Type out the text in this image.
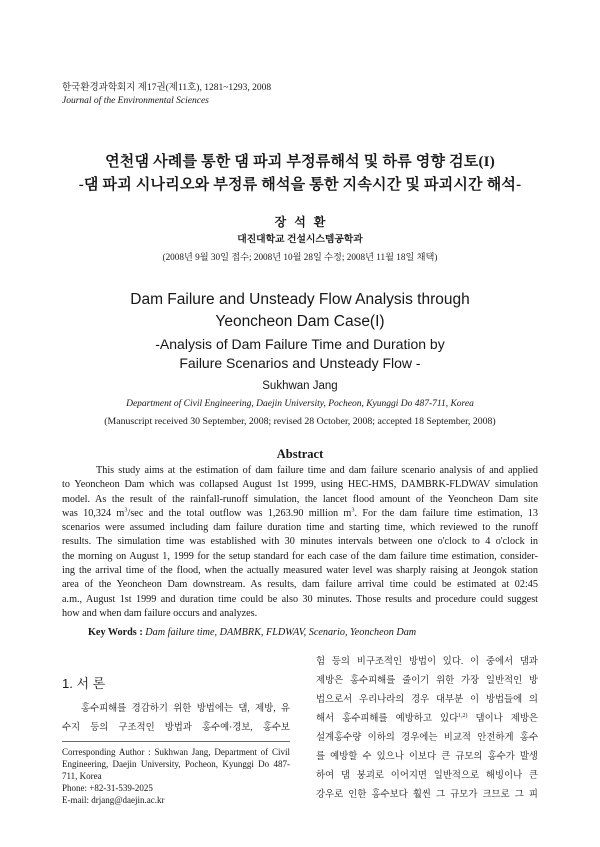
한국환경과학회지 제17권(제11호), 1281~1293, 2008
Journal of the Environmental Sciences
연천댐 사례를 통한 댐 파괴 부정류해석 및 하류 영향 검토(I)
-댐 파괴 시나리오와 부정류 해석을 통한 지속시간 및 파괴시간 해석-
장 석 환
대진대학교 건설시스템공학과
(2008년 9월 30일 접수; 2008년 10월 28일 수정; 2008년 11월 18일 채택)
Dam Failure and Unsteady Flow Analysis through
Yeoncheon Dam Case(I)
-Analysis of Dam Failure Time and Duration by
Failure Scenarios and Unsteady Flow -
Sukhwan Jang
Department of Civil Engineering, Daejin University, Pocheon, Kyunggi Do 487-711, Korea
(Manuscript received 30 September, 2008; revised 28 October, 2008; accepted 18 September, 2008)
Abstract
This study aims at the estimation of dam failure time and dam failure scenario analysis of and applied
to Yeoncheon Dam which was collapsed August 1st 1999, using HEC-HMS, DAMBRK-FLDWAV simulation
model. As the result of the rainfall-runoff simulation, the lancet flood amount of the Yeoncheon Dam site
was 10,324 $m^3/\sec$ and the total outflow was 1,263.90 million $m^3$. For the dam failure time estimation, 13
scenarios were assumed including dam failure duration time and starting time, which reviewed to the runoff
results. The simulation time was established with 30 minutes intervals between one o'clock to 4 o'clock in
the morning on August 1, 1999 for the setup standard for each case of the dam failure time estimation, consider-
ing the arrival time of the flood, when the actually measured water level was sharply raising at Jeongok station
area of the Yeoncheon Dam downstream. As results, dam failure arrival time could be estimated at 02:45
a.m., August 1st 1999 and duration time could be also 30 minutes. Those results and procedure could suggest
how and when dam failure occurs and analyzes.
Key Words : Dam failure time, DAMBRK, FLDWAV, Scenario, Yeoncheon Dam
1. 서 론
홍수피해를 경감하기 위한 방법에는 댐, 제방, 유
수지 등의 구조적인 방법과 홍수예·경보, 홍수보
Corresponding Author : Sukhwan Jang, Department of Civil
Engineering, Daejin University, Pocheon, Kyunggi Do 487-
711, Korea
Phone: +82-31-539-2025
E-mail: drjang@daejin.ac.kr
험 등의 비구조적인 방법이 있다. 이 중에서 댐과
제방은 홍수피해를 줄이기 위한 가장 일반적인 방
법으로서 우리나라의 경우 대부분 이 방법들에 의
해서 홍수피해를 예방하고 있다$^{1,2)}$ 댐이나 제방은
설계홍수량 이하의 경우에는 비교적 안전하게 홍수
를 예방할 수 있으나 이보다 큰 규모의 홍수가 발생
하여 댐 붕괴로 이어지면 일반적으로 해빙이나 큰
강우로 인한 홍수보다 훨씬 그 규모가 크므로 그 피
